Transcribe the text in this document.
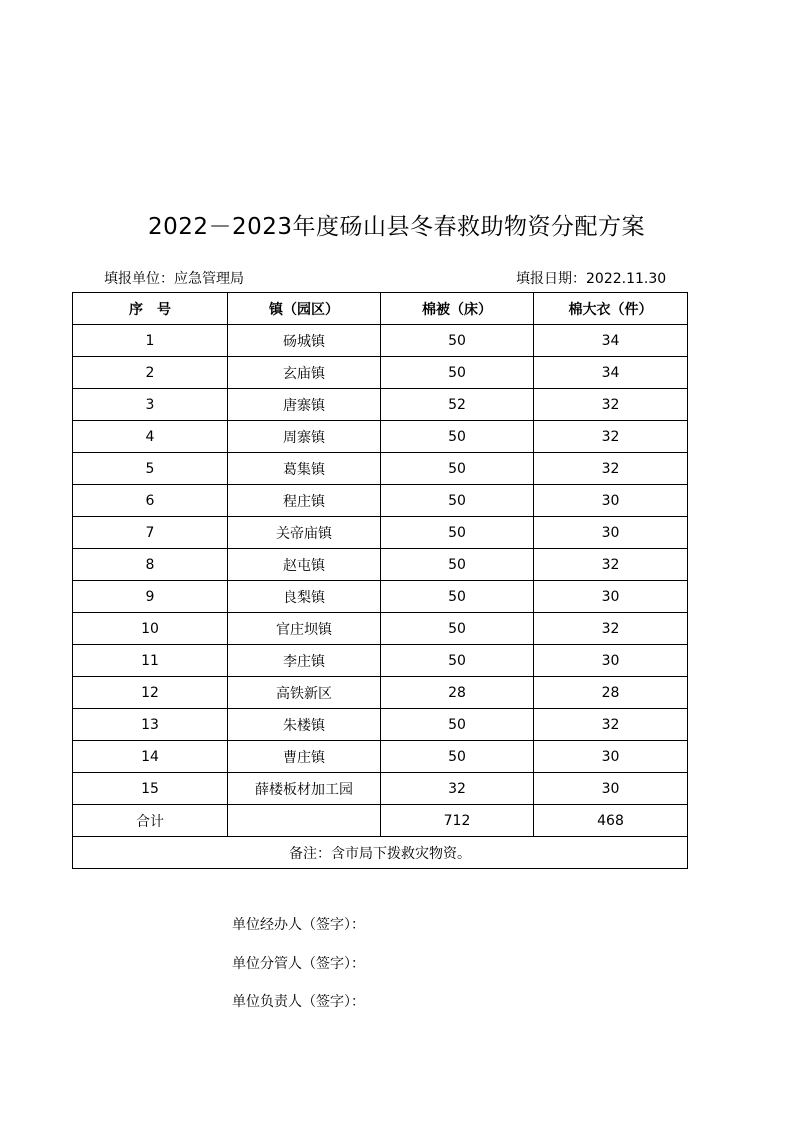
2022－2023年度砀山县冬春救助物资分配方案
填报单位：应急管理局	填报日期：2022.11.30
序　号	镇（园区）	棉被（床）	棉大衣（件）
1	砀城镇	50	34
2	玄庙镇	50	34
3	唐寨镇	52	32
4	周寨镇	50	32
5	葛集镇	50	32
6	程庄镇	50	30
7	关帝庙镇	50	30
8	赵屯镇	50	32
9	良梨镇	50	30
10	官庄坝镇	50	32
11	李庄镇	50	30
12	高铁新区	28	28
13	朱楼镇	50	32
14	曹庄镇	50	30
15	薛楼板材加工园	32	30
合计		712	468
备注：含市局下拨救灾物资。			
单位经办人（签字）：
单位分管人（签字）：
单位负责人（签字）：
